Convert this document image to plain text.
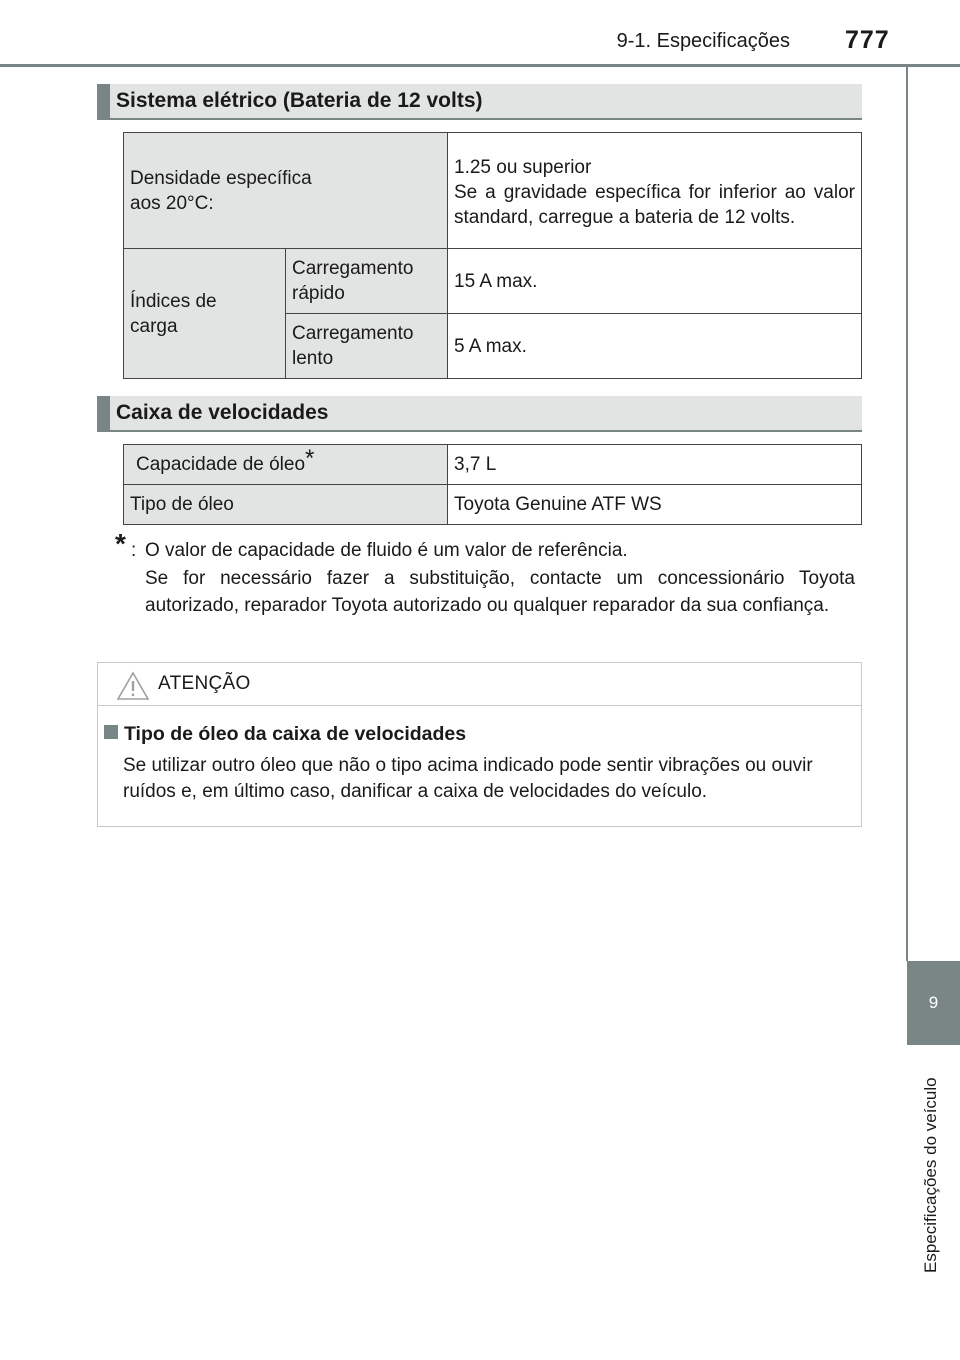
9-1. Especificações 777
9
Especificações do veículo
Sistema elétrico (Bateria de 12 volts)
Densidade específica aos 20°C:		1.25 ou superior
Se a gravidade específica for inferior ao valor standard, carregue a bateria de 12 volts.

Índices de carga	Carregamento rápido	15 A max.
	Carregamento lento	5 A max.
Caixa de velocidades
Capacidade de óleo*	3,7 L
Tipo de óleo	Toyota Genuine ATF WS
* : O valor de capacidade de fluido é um valor de referência.
Se for necessário fazer a substituição, contacte um concessionário Toyota autorizado, reparador Toyota autorizado ou qualquer reparador da sua confiança.
ATENÇÃO
Tipo de óleo da caixa de velocidades
Se utilizar outro óleo que não o tipo acima indicado pode sentir vibrações ou ouvir ruídos e, em último caso, danificar a caixa de velocidades do veículo.
